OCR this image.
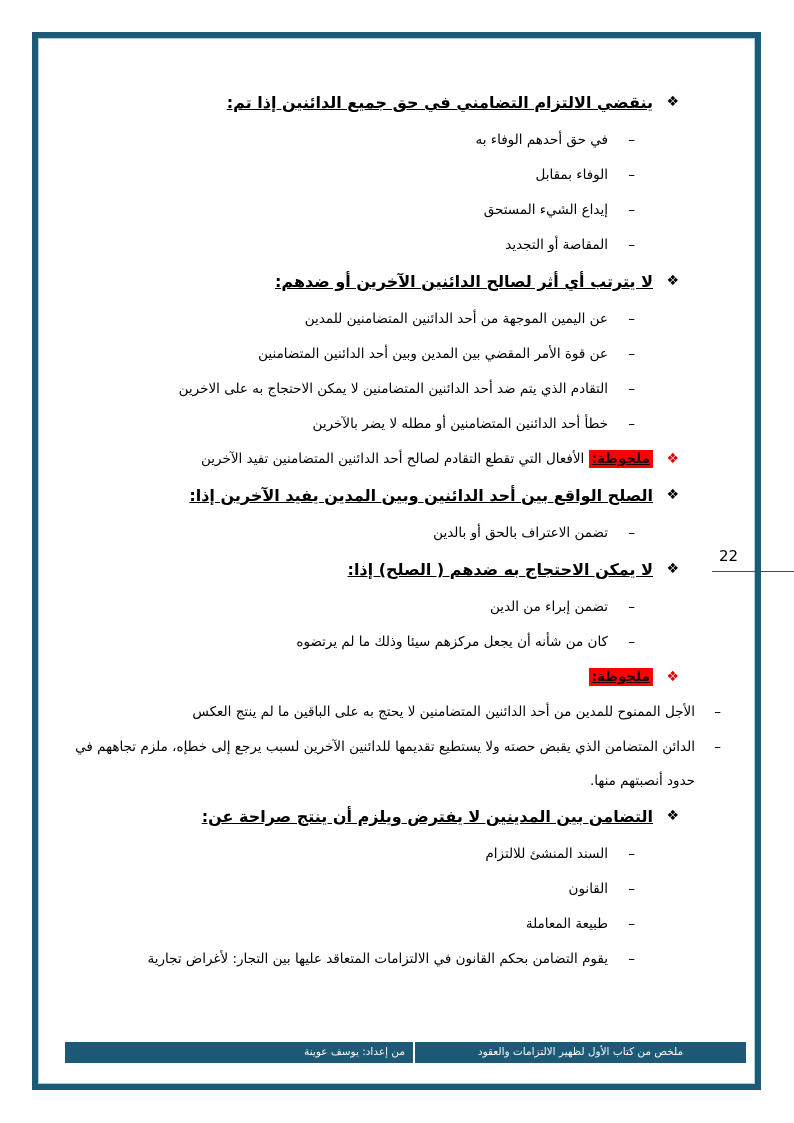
❖
ينقضي الالتزام التضامني في حق جميع الدائنين إذا تم:
–
في حق أحدهم الوفاء به
–
الوفاء بمقابل
–
إيداع الشيء المستحق
–
المقاصة أو التجديد
❖
لا يترتب أي أثر لصالح الدائنين الآخرين أو ضدهم:
–
عن اليمين الموجهة من أحد الدائنين المتضامنين للمدين
–
عن قوة الأمر المقضي بين المدين وبين أحد الدائنين المتضامنين
–
التقادم الذي يتم ضد أحد الدائنين المتضامنين لا يمكن الاحتجاج به على الاخرين
–
خطأ أحد الدائنين المتضامنين أو مطله لا يضر بالآخرين
❖
ملحوظة: الأفعال التي تقطع التقادم لصالح أحد الدائنين المتضامنين تفيد الآخرين
❖
الصلح الواقع بين أحد الدائنين وبين المدين يفيد الآخرين إذا:
–
تضمن الاعتراف بالحق أو بالدين
❖
لا يمكن الاحتجاج به ضدهم ( الصلح) إذا:
–
تضمن إبراء من الدين
–
كان من شأنه أن يجعل مركزهم سيئا وذلك ما لم يرتضوه
❖
ملحوظة:
–
الأجل الممنوح للمدين من أحد الدائنين المتضامنين لا يحتج به على الباقين ما لم ينتج العكس
–
الدائن المتضامن الذي يقبض حصته ولا يستطيع تقديمها للدائنين الآخرين لسبب يرجع إلى خطإه، ملزم تجاههم في حدود أنصبتهم منها.
❖
التضامن بين المدينين لا يفترض ويلزم أن ينتج صراحة عن:
–
السند المنشئ للالتزام
–
القانون
–
طبيعة المعاملة
–
يقوم التضامن بحكم القانون في الالتزامات المتعاقد عليها بين التجار: لأغراض تجارية
22
من إعداد: يوسف عوينة	ملخص من كتاب الأول لظهير الالتزامات والعقود
